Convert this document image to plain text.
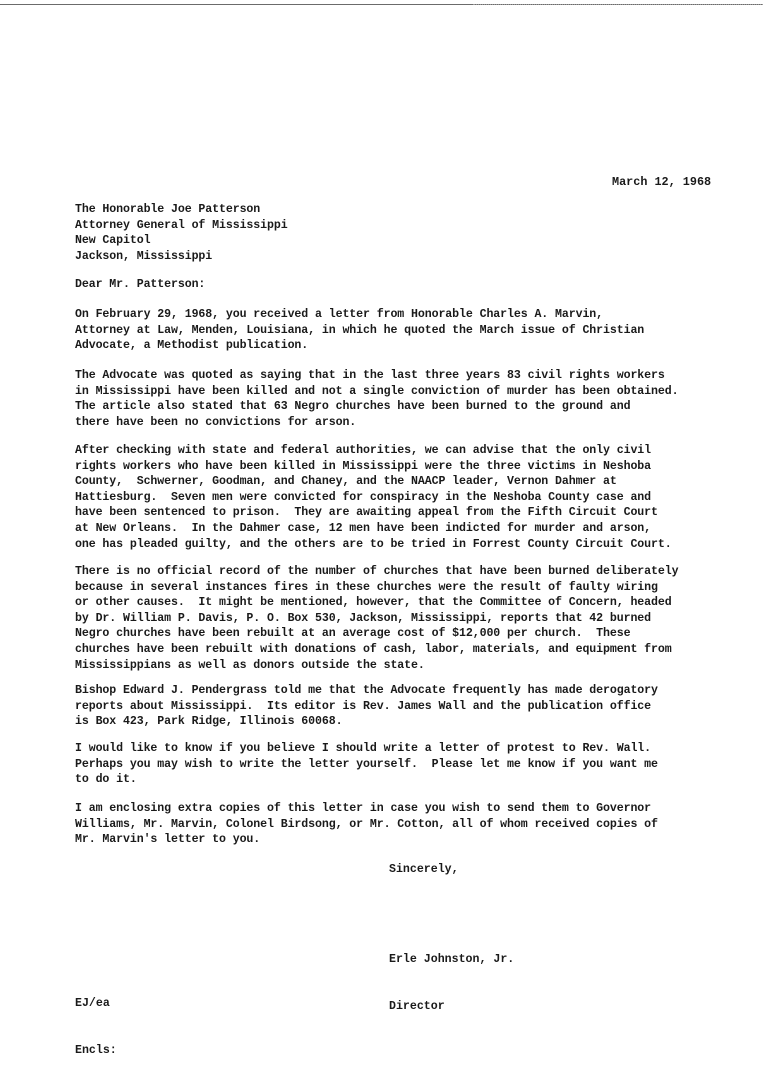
March 12, 1968
The Honorable Joe Patterson
Attorney General of Mississippi
New Capitol
Jackson, Mississippi
Dear Mr. Patterson:
On February 29, 1968, you received a letter from Honorable Charles A. Marvin,
Attorney at Law, Menden, Louisiana, in which he quoted the March issue of Christian
Advocate, a Methodist publication.
The Advocate was quoted as saying that in the last three years 83 civil rights workers
in Mississippi have been killed and not a single conviction of murder has been obtained.
The article also stated that 63 Negro churches have been burned to the ground and
there have been no convictions for arson.
After checking with state and federal authorities, we can advise that the only civil
rights workers who have been killed in Mississippi were the three victims in Neshoba
County,  Schwerner, Goodman, and Chaney, and the NAACP leader, Vernon Dahmer at
Hattiesburg.  Seven men were convicted for conspiracy in the Neshoba County case and
have been sentenced to prison.  They are awaiting appeal from the Fifth Circuit Court
at New Orleans.  In the Dahmer case, 12 men have been indicted for murder and arson,
one has pleaded guilty, and the others are to be tried in Forrest County Circuit Court.
There is no official record of the number of churches that have been burned deliberately
because in several instances fires in these churches were the result of faulty wiring
or other causes.  It might be mentioned, however, that the Committee of Concern, headed
by Dr. William P. Davis, P. O. Box 530, Jackson, Mississippi, reports that 42 burned
Negro churches have been rebuilt at an average cost of $12,000 per church.  These
churches have been rebuilt with donations of cash, labor, materials, and equipment from
Mississippians as well as donors outside the state.
Bishop Edward J. Pendergrass told me that the Advocate frequently has made derogatory
reports about Mississippi.  Its editor is Rev. James Wall and the publication office
is Box 423, Park Ridge, Illinois 60068.
I would like to know if you believe I should write a letter of protest to Rev. Wall.
Perhaps you may wish to write the letter yourself.  Please let me know if you want me
to do it.
I am enclosing extra copies of this letter in case you wish to send them to Governor
Williams, Mr. Marvin, Colonel Birdsong, or Mr. Cotton, all of whom received copies of
Mr. Marvin's letter to you.
Sincerely,

Erle Johnston, Jr.

Director

EJ/ea

Encls:
